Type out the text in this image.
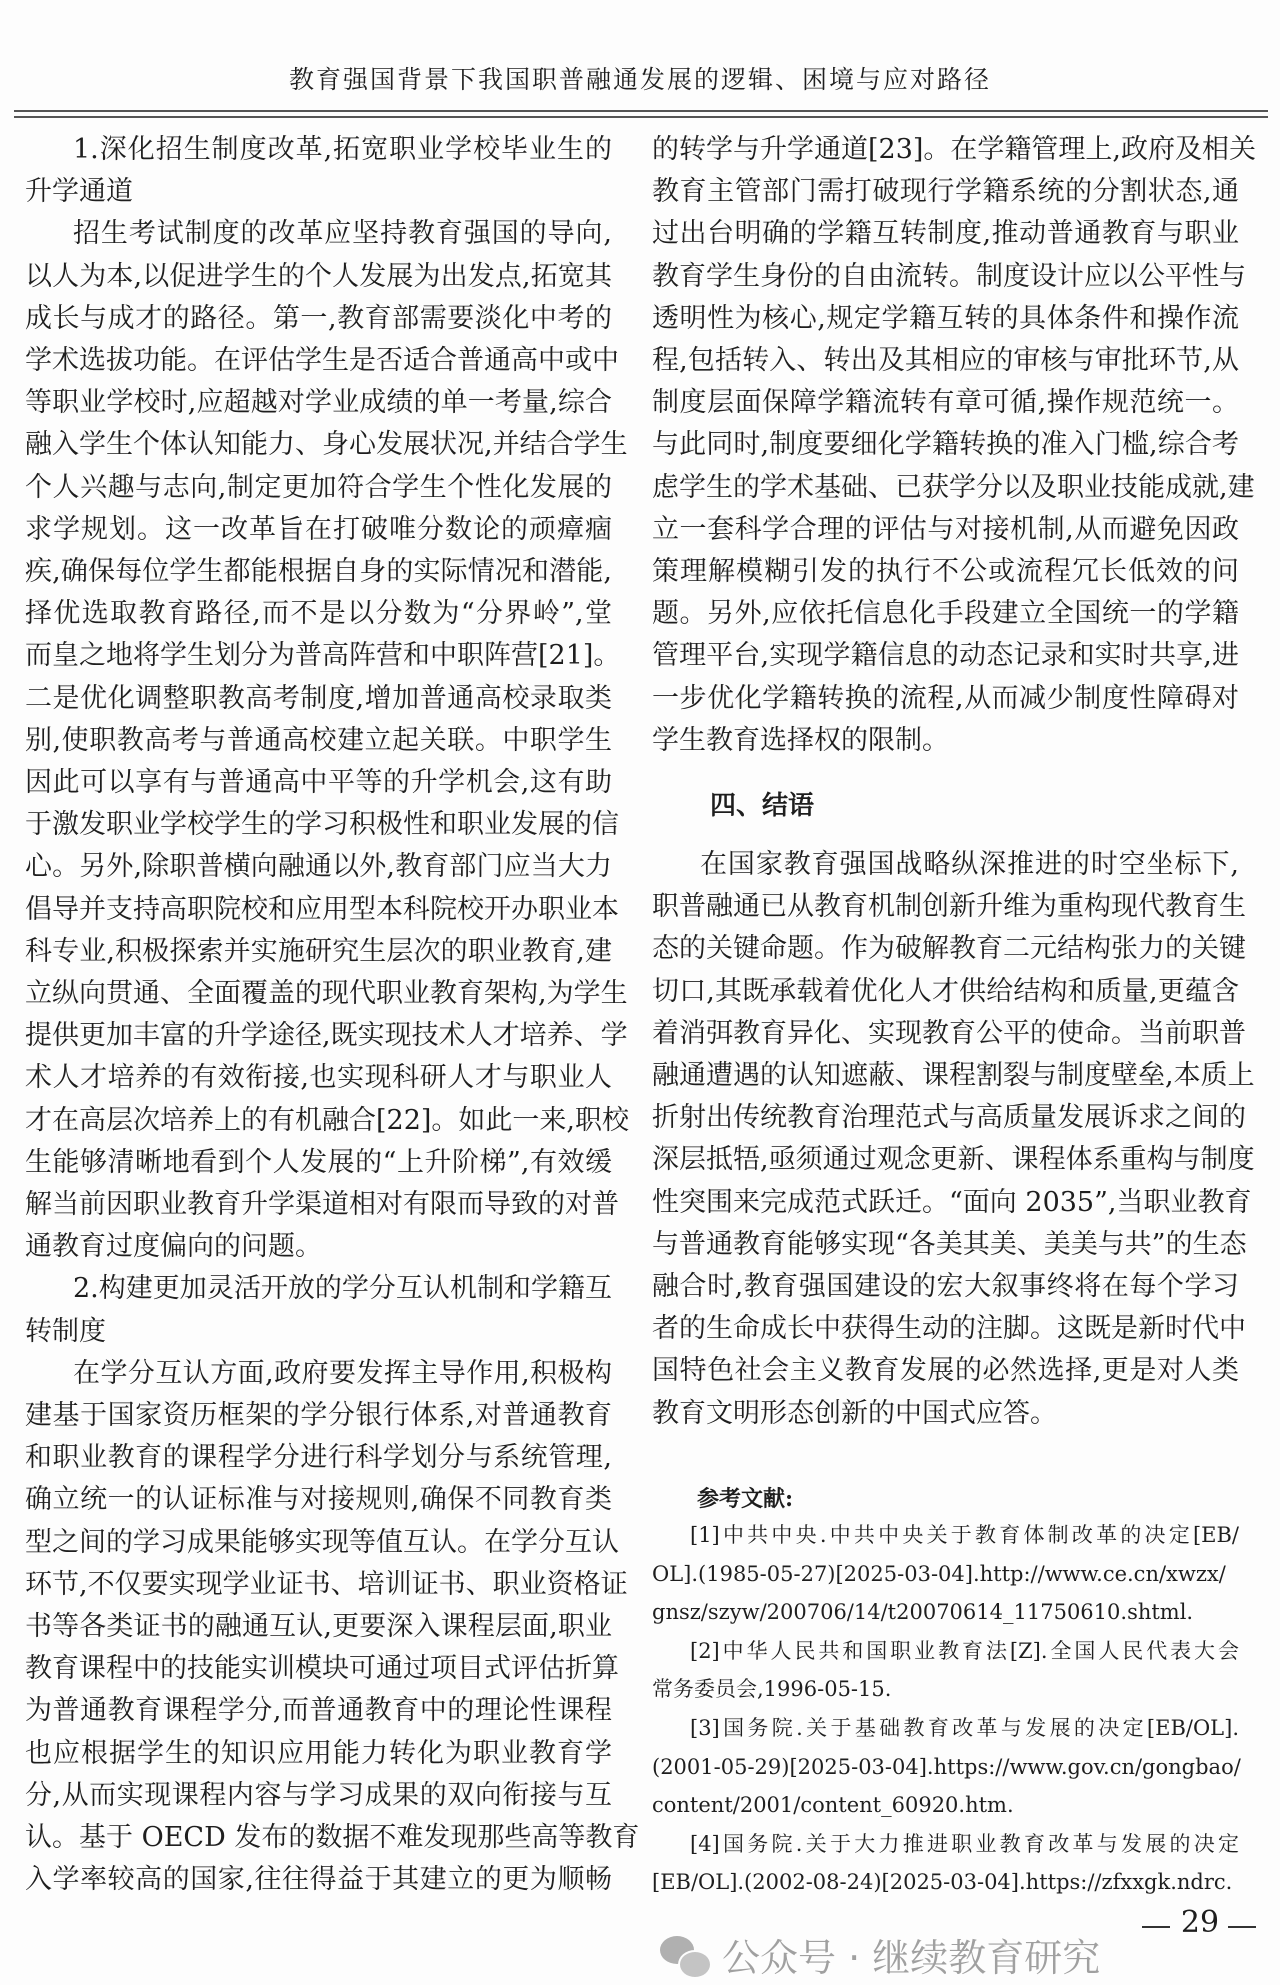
教育强国背景下我国职普融通发展的逻辑、困境与应对路径
1.深化招生制度改革,拓宽职业学校毕业生的
升学通道
招生考试制度的改革应坚持教育强国的导向,
以人为本,以促进学生的个人发展为出发点,拓宽其
成长与成才的路径。第一,教育部需要淡化中考的
学术选拔功能。在评估学生是否适合普通高中或中
等职业学校时,应超越对学业成绩的单一考量,综合
融入学生个体认知能力、身心发展状况,并结合学生
个人兴趣与志向,制定更加符合学生个性化发展的
求学规划。这一改革旨在打破唯分数论的顽瘴痼
疾,确保每位学生都能根据自身的实际情况和潜能,
择优选取教育路径,而不是以分数为“分界岭”,堂
而皇之地将学生划分为普高阵营和中职阵营[21]。
二是优化调整职教高考制度,增加普通高校录取类
别,使职教高考与普通高校建立起关联。中职学生
因此可以享有与普通高中平等的升学机会,这有助
于激发职业学校学生的学习积极性和职业发展的信
心。另外,除职普横向融通以外,教育部门应当大力
倡导并支持高职院校和应用型本科院校开办职业本
科专业,积极探索并实施研究生层次的职业教育,建
立纵向贯通、全面覆盖的现代职业教育架构,为学生
提供更加丰富的升学途径,既实现技术人才培养、学
术人才培养的有效衔接,也实现科研人才与职业人
才在高层次培养上的有机融合[22]。如此一来,职校
生能够清晰地看到个人发展的“上升阶梯”,有效缓
解当前因职业教育升学渠道相对有限而导致的对普
通教育过度偏向的问题。
2.构建更加灵活开放的学分互认机制和学籍互
转制度
在学分互认方面,政府要发挥主导作用,积极构
建基于国家资历框架的学分银行体系,对普通教育
和职业教育的课程学分进行科学划分与系统管理,
确立统一的认证标准与对接规则,确保不同教育类
型之间的学习成果能够实现等值互认。在学分互认
环节,不仅要实现学业证书、培训证书、职业资格证
书等各类证书的融通互认,更要深入课程层面,职业
教育课程中的技能实训模块可通过项目式评估折算
为普通教育课程学分,而普通教育中的理论性课程
也应根据学生的知识应用能力转化为职业教育学
分,从而实现课程内容与学习成果的双向衔接与互
认。基于 OECD 发布的数据不难发现那些高等教育
入学率较高的国家,往往得益于其建立的更为顺畅
的转学与升学通道[23]。在学籍管理上,政府及相关
教育主管部门需打破现行学籍系统的分割状态,通
过出台明确的学籍互转制度,推动普通教育与职业
教育学生身份的自由流转。制度设计应以公平性与
透明性为核心,规定学籍互转的具体条件和操作流
程,包括转入、转出及其相应的审核与审批环节,从
制度层面保障学籍流转有章可循,操作规范统一。
与此同时,制度要细化学籍转换的准入门槛,综合考
虑学生的学术基础、已获学分以及职业技能成就,建
立一套科学合理的评估与对接机制,从而避免因政
策理解模糊引发的执行不公或流程冗长低效的问
题。另外,应依托信息化手段建立全国统一的学籍
管理平台,实现学籍信息的动态记录和实时共享,进
一步优化学籍转换的流程,从而减少制度性障碍对
学生教育选择权的限制。
四、结语
在国家教育强国战略纵深推进的时空坐标下,
职普融通已从教育机制创新升维为重构现代教育生
态的关键命题。作为破解教育二元结构张力的关键
切口,其既承载着优化人才供给结构和质量,更蕴含
着消弭教育异化、实现教育公平的使命。当前职普
融通遭遇的认知遮蔽、课程割裂与制度壁垒,本质上
折射出传统教育治理范式与高质量发展诉求之间的
深层抵牾,亟须通过观念更新、课程体系重构与制度
性突围来完成范式跃迁。“面向 2035”,当职业教育
与普通教育能够实现“各美其美、美美与共”的生态
融合时,教育强国建设的宏大叙事终将在每个学习
者的生命成长中获得生动的注脚。这既是新时代中
国特色社会主义教育发展的必然选择,更是对人类
教育文明形态创新的中国式应答。
参考文献:
[1]中共中央.中共中央关于教育体制改革的决定[EB/
OL].(1985-05-27)[2025-03-04].http://www.ce.cn/xwzx/
gnsz/szyw/200706/14/t20070614_11750610.shtml.
[2]中华人民共和国职业教育法[Z].全国人民代表大会
常务委员会,1996-05-15.
[3]国务院.关于基础教育改革与发展的决定[EB/OL].
(2001-05-29)[2025-03-04].https://www.gov.cn/gongbao/
content/2001/content_60920.htm.
[4]国务院.关于大力推进职业教育改革与发展的决定
[EB/OL].(2002-08-24)[2025-03-04].https://zfxxgk.ndrc.
公众号 · 继续教育研究
29
